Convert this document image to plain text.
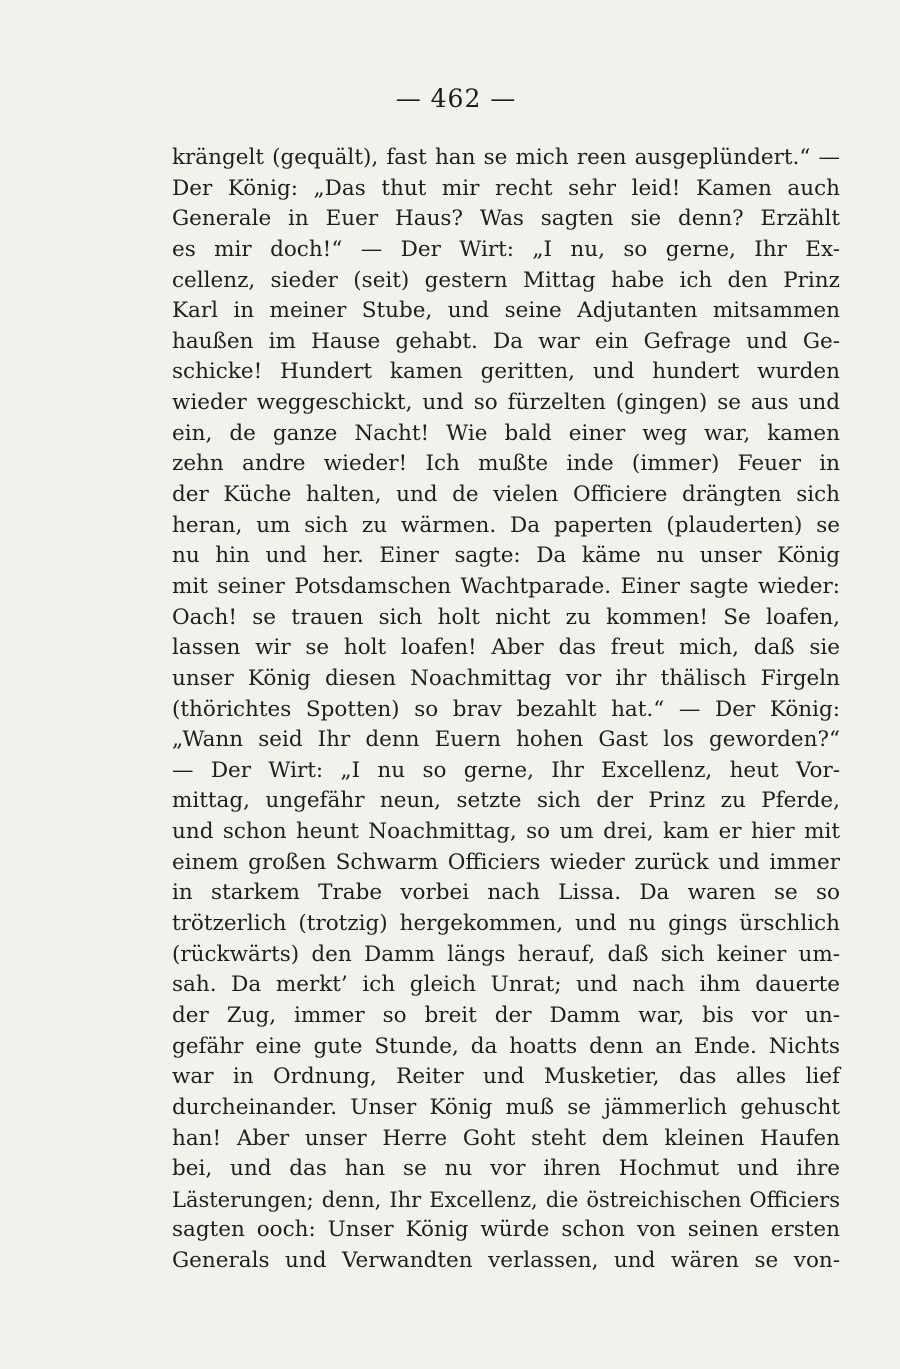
— 462 —
krängelt (gequält), fast han se mich reen ausgeplündert.“ —
Der König: „Das thut mir recht sehr leid! Kamen auch
Generale in Euer Haus? Was sagten sie denn? Erzählt
es mir doch!“ — Der Wirt: „I nu, so gerne, Ihr Ex-
cellenz, sieder (seit) gestern Mittag habe ich den Prinz
Karl in meiner Stube, und seine Adjutanten mitsammen
haußen im Hause gehabt. Da war ein Gefrage und Ge-
schicke! Hundert kamen geritten, und hundert wurden
wieder weggeschickt, und so fürzelten (gingen) se aus und
ein, de ganze Nacht! Wie bald einer weg war, kamen
zehn andre wieder! Ich mußte inde (immer) Feuer in
der Küche halten, und de vielen Officiere drängten sich
heran, um sich zu wärmen. Da paperten (plauderten) se
nu hin und her. Einer sagte: Da käme nu unser König
mit seiner Potsdamschen Wachtparade. Einer sagte wieder:
Oach! se trauen sich holt nicht zu kommen! Se loafen,
lassen wir se holt loafen! Aber das freut mich, daß sie
unser König diesen Noachmittag vor ihr thälisch Firgeln
(thörichtes Spotten) so brav bezahlt hat.“ — Der König:
„Wann seid Ihr denn Euern hohen Gast los geworden?“
— Der Wirt: „I nu so gerne, Ihr Excellenz, heut Vor-
mittag, ungefähr neun, setzte sich der Prinz zu Pferde,
und schon heunt Noachmittag, so um drei, kam er hier mit
einem großen Schwarm Officiers wieder zurück und immer
in starkem Trabe vorbei nach Lissa. Da waren se so
trötzerlich (trotzig) hergekommen, und nu gings ürschlich
(rückwärts) den Damm längs herauf, daß sich keiner um-
sah. Da merkt’ ich gleich Unrat; und nach ihm dauerte
der Zug, immer so breit der Damm war, bis vor un-
gefähr eine gute Stunde, da hoatts denn an Ende. Nichts
war in Ordnung, Reiter und Musketier, das alles lief
durcheinander. Unser König muß se jämmerlich gehuscht
han! Aber unser Herre Goht steht dem kleinen Haufen
bei, und das han se nu vor ihren Hochmut und ihre
Lästerungen; denn, Ihr Excellenz, die östreichischen Officiers
sagten ooch: Unser König würde schon von seinen ersten
Generals und Verwandten verlassen, und wären se von-
